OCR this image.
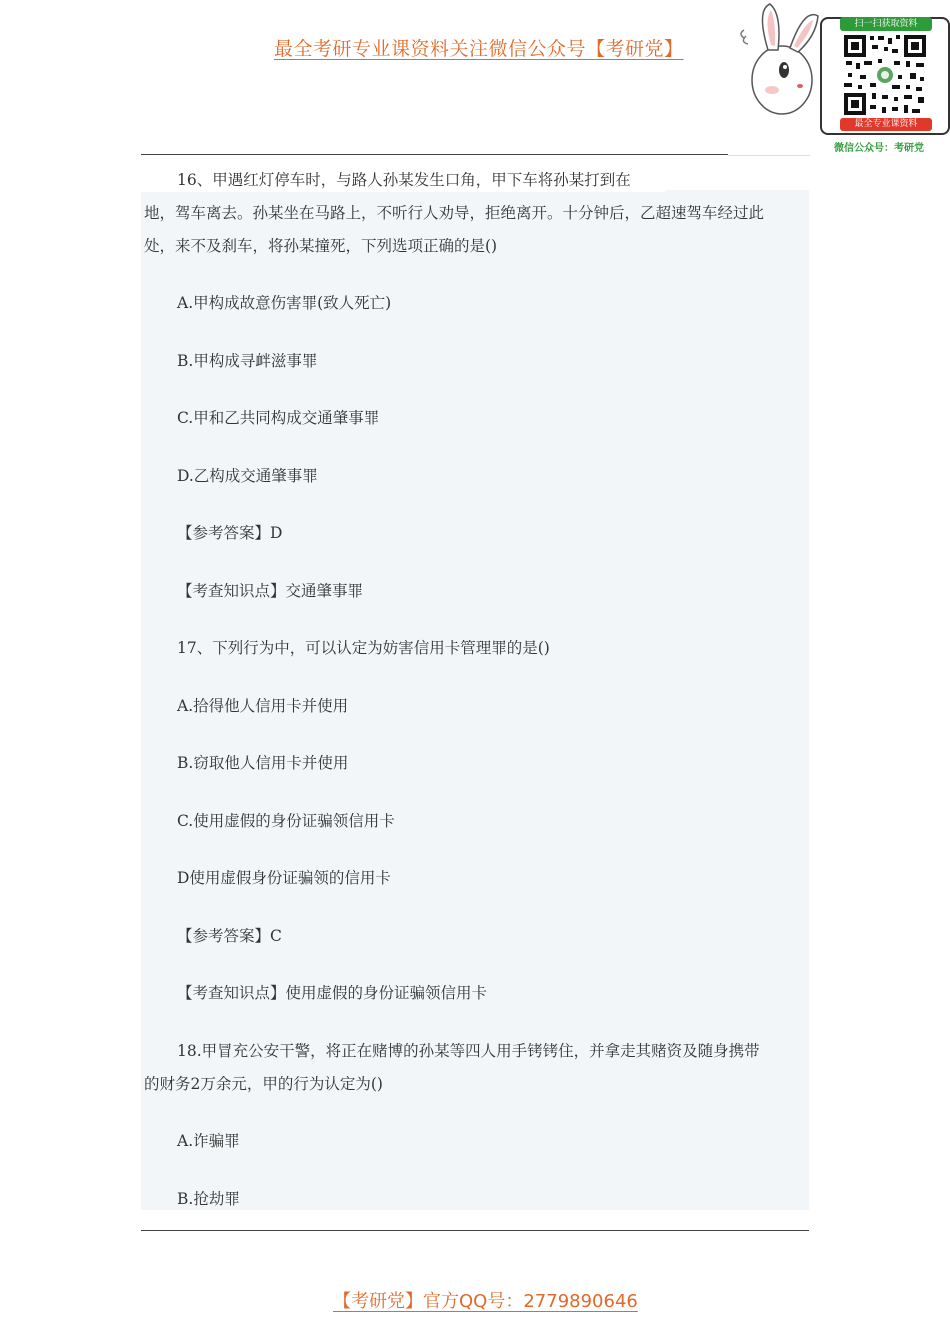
最全考研专业课资料关注微信公众号【考研党】
扫一扫获取资料
最全专业课资料
微信公众号：考研党
16、甲遇红灯停车时，与路人孙某发生口角，甲下车将孙某打到在
地，驾车离去。孙某坐在马路上，不听行人劝导，拒绝离开。十分钟后，乙超速驾车经过此
处，来不及刹车，将孙某撞死，下列选项正确的是()
A.甲构成故意伤害罪(致人死亡)
B.甲构成寻衅滋事罪
C.甲和乙共同构成交通肇事罪
D.乙构成交通肇事罪
【参考答案】D
【考查知识点】交通肇事罪
17、下列行为中，可以认定为妨害信用卡管理罪的是()
A.拾得他人信用卡并使用
B.窃取他人信用卡并使用
C.使用虚假的身份证骗领信用卡
D使用虚假身份证骗领的信用卡
【参考答案】C
【考查知识点】使用虚假的身份证骗领信用卡
18.甲冒充公安干警，将正在赌博的孙某等四人用手铐铐住，并拿走其赌资及随身携带
的财务2万余元，甲的行为认定为()
A.诈骗罪
B.抢劫罪
【考研党】官方QQ号：2779890646
